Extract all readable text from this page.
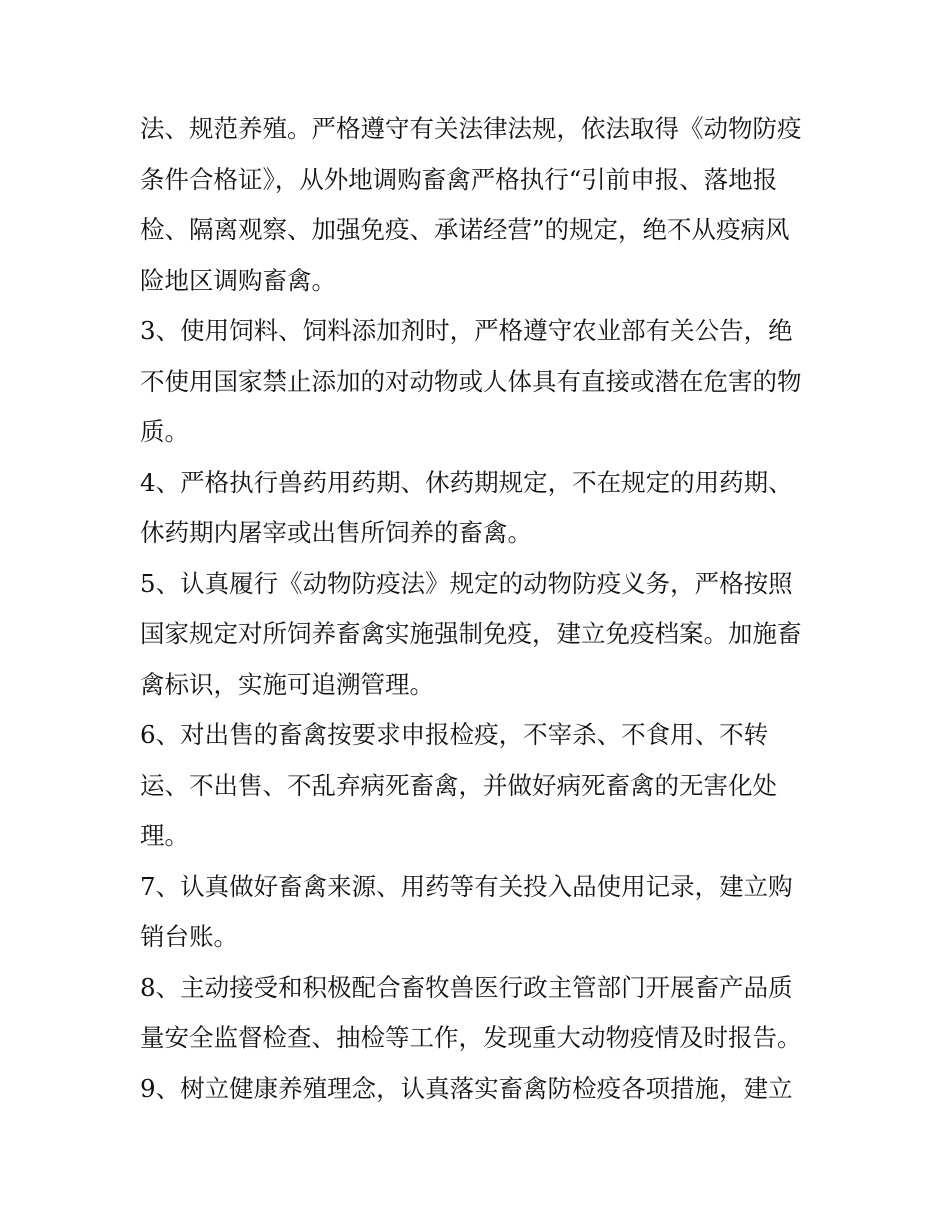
法、规范养殖。严格遵守有关法律法规，依法取得《动物防疫
条件合格证》，从外地调购畜禽严格执行“引前申报、落地报
检、隔离观察、加强免疫、承诺经营”的规定，绝不从疫病风
险地区调购畜禽。
3、使用饲料、饲料添加剂时，严格遵守农业部有关公告，绝
不使用国家禁止添加的对动物或人体具有直接或潜在危害的物
质。
4、严格执行兽药用药期、休药期规定，不在规定的用药期、
休药期内屠宰或出售所饲养的畜禽。
5、认真履行《动物防疫法》规定的动物防疫义务，严格按照
国家规定对所饲养畜禽实施强制免疫，建立免疫档案。加施畜
禽标识，实施可追溯管理。
6、对出售的畜禽按要求申报检疫，不宰杀、不食用、不转
运、不出售、不乱弃病死畜禽，并做好病死畜禽的无害化处
理。
7、认真做好畜禽来源、用药等有关投入品使用记录，建立购
销台账。
8、主动接受和积极配合畜牧兽医行政主管部门开展畜产品质
量安全监督检查、抽检等工作，发现重大动物疫情及时报告。
9、树立健康养殖理念，认真落实畜禽防检疫各项措施，建立
